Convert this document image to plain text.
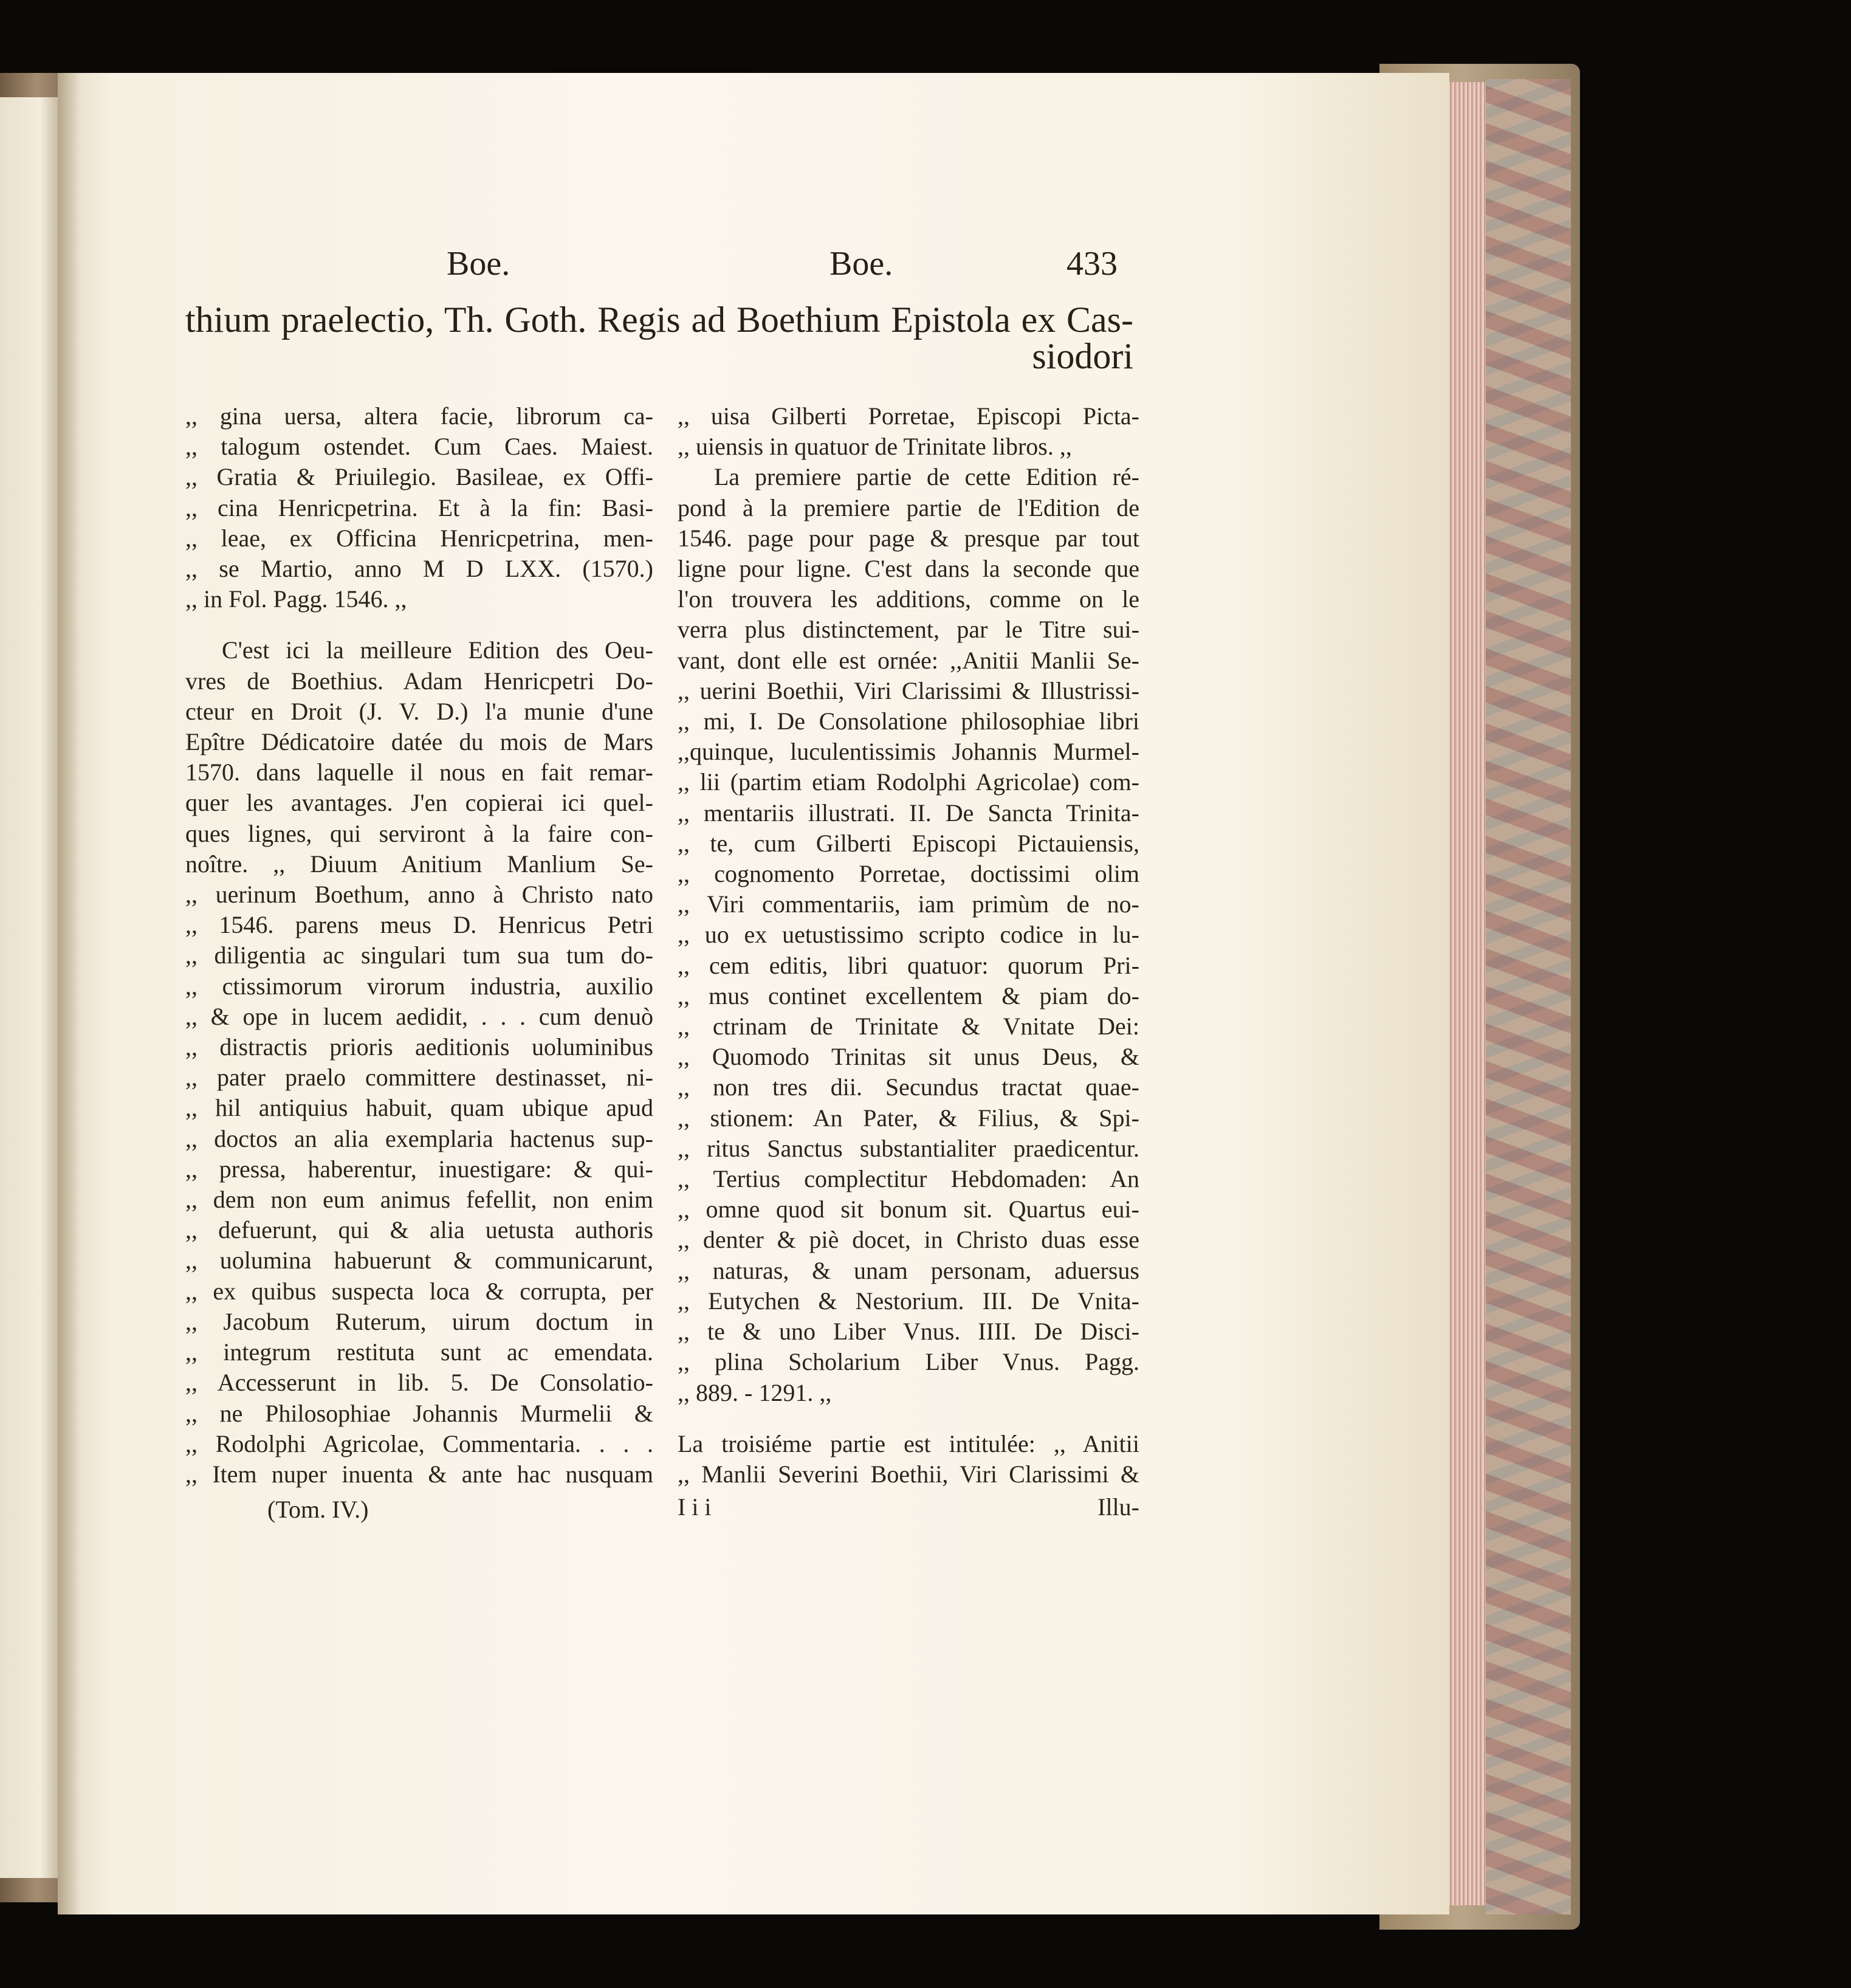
Boe.	Boe.	433
thium praelectio, Th. Goth. Regis ad Boethium Epistola ex Cas-
siodori
,, gina uersa, altera facie, librorum ca-
,, talogum ostendet. Cum Caes. Maiest.
,, Gratia & Priuilegio. Basileae, ex Offi-
,, cina Henricpetrina. Et à la fin: Basi-
,, leae, ex Officina Henricpetrina, men-
,, se Martio, anno M D LXX. (1570.)
,, in Fol. Pagg. 1546. ,,
C'est ici la meilleure Edition des Oeu-
vres de Boethius. Adam Henricpetri Do-
cteur en Droit (J. V. D.) l'a munie d'une
Epître Dédicatoire datée du mois de Mars
1570. dans laquelle il nous en fait remar-
quer les avantages. J'en copierai ici quel-
ques lignes, qui serviront à la faire con-
noître. ,, Diuum Anitium Manlium Se-
,, uerinum Boethum, anno à Christo nato
,, 1546. parens meus D. Henricus Petri
,, diligentia ac singulari tum sua tum do-
,, ctissimorum virorum industria, auxilio
,, & ope in lucem aedidit, . . . cum denuò
,, distractis prioris aeditionis uoluminibus
,, pater praelo committere destinasset, ni-
,, hil antiquius habuit, quam ubique apud
,, doctos an alia exemplaria hactenus sup-
,, pressa, haberentur, inuestigare: & qui-
,, dem non eum animus fefellit, non enim
,, defuerunt, qui & alia uetusta authoris
,, uolumina habuerunt & communicarunt,
,, ex quibus suspecta loca & corrupta, per
,, Jacobum Ruterum, uirum doctum in
,, integrum restituta sunt ac emendata.
,, Accesserunt in lib. 5. De Consolatio-
,, ne Philosophiae Johannis Murmelii &
,, Rodolphi Agricolae, Commentaria. . . .
,, Item nuper inuenta & ante hac nusquam
(Tom. IV.)
,, uisa Gilberti Porretae, Episcopi Picta-
,, uiensis in quatuor de Trinitate libros. ,,
La premiere partie de cette Edition ré-
pond à la premiere partie de l'Edition de
1546. page pour page & presque par tout
ligne pour ligne. C'est dans la seconde que
l'on trouvera les additions, comme on le
verra plus distinctement, par le Titre sui-
vant, dont elle est ornée: ,,Anitii Manlii Se-
,, uerini Boethii, Viri Clarissimi & Illustrissi-
,, mi, I. De Consolatione philosophiae libri
,,quinque, luculentissimis Johannis Murmel-
,, lii (partim etiam Rodolphi Agricolae) com-
,, mentariis illustrati. II. De Sancta Trinita-
,, te, cum Gilberti Episcopi Pictauiensis,
,, cognomento Porretae, doctissimi olim
,, Viri commentariis, iam primùm de no-
,, uo ex uetustissimo scripto codice in lu-
,, cem editis, libri quatuor: quorum Pri-
,, mus continet excellentem & piam do-
,, ctrinam de Trinitate & Vnitate Dei:
,, Quomodo Trinitas sit unus Deus, &
,, non tres dii. Secundus tractat quae-
,, stionem: An Pater, & Filius, & Spi-
,, ritus Sanctus substantialiter praedicentur.
,, Tertius complectitur Hebdomaden: An
,, omne quod sit bonum sit. Quartus eui-
,, denter & piè docet, in Christo duas esse
,, naturas, & unam personam, aduersus
,, Eutychen & Nestorium. III. De Vnita-
,, te & uno Liber Vnus. IIII. De Disci-
,, plina Scholarium Liber Vnus. Pagg.
,, 889. - 1291. ,,
La troisiéme partie est intitulée: ,, Anitii
,, Manlii Severini Boethii, Viri Clarissimi &
I i i	Illu-
